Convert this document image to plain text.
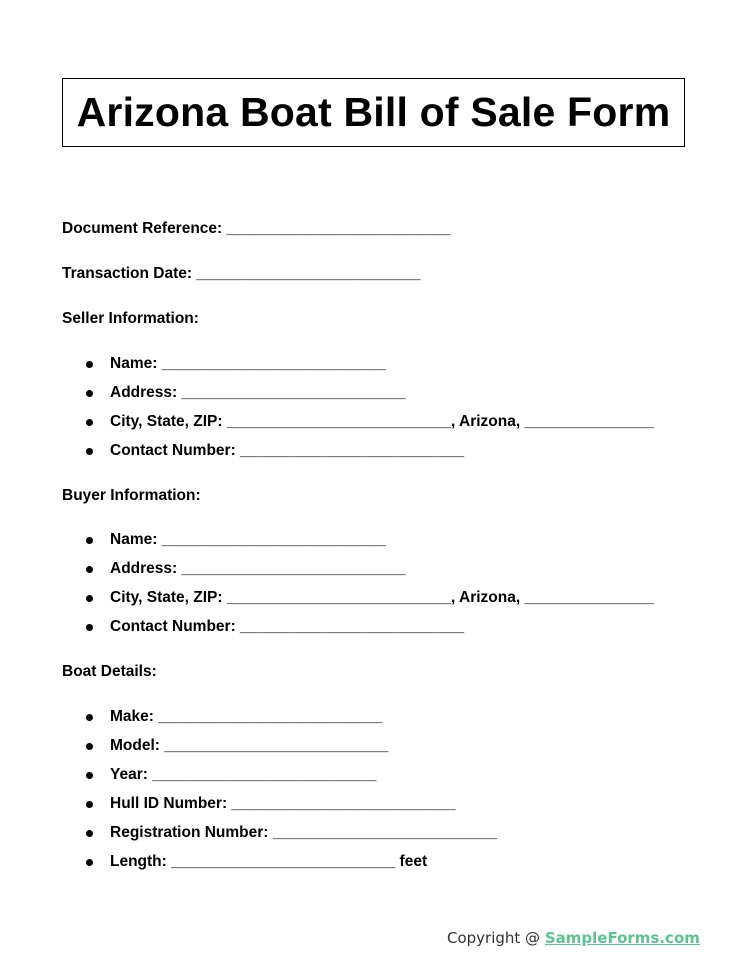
Arizona Boat Bill of Sale Form
Document Reference: __________________________
Transaction Date: __________________________
Seller Information:
Name: __________________________
Address: __________________________
City, State, ZIP: __________________________, Arizona, _______________
Contact Number: __________________________
Buyer Information:
Name: __________________________
Address: __________________________
City, State, ZIP: __________________________, Arizona, _______________
Contact Number: __________________________
Boat Details:
Make: __________________________
Model: __________________________
Year: __________________________
Hull ID Number: __________________________
Registration Number: __________________________
Length: __________________________ feet
Copyright @ SampleForms.com
